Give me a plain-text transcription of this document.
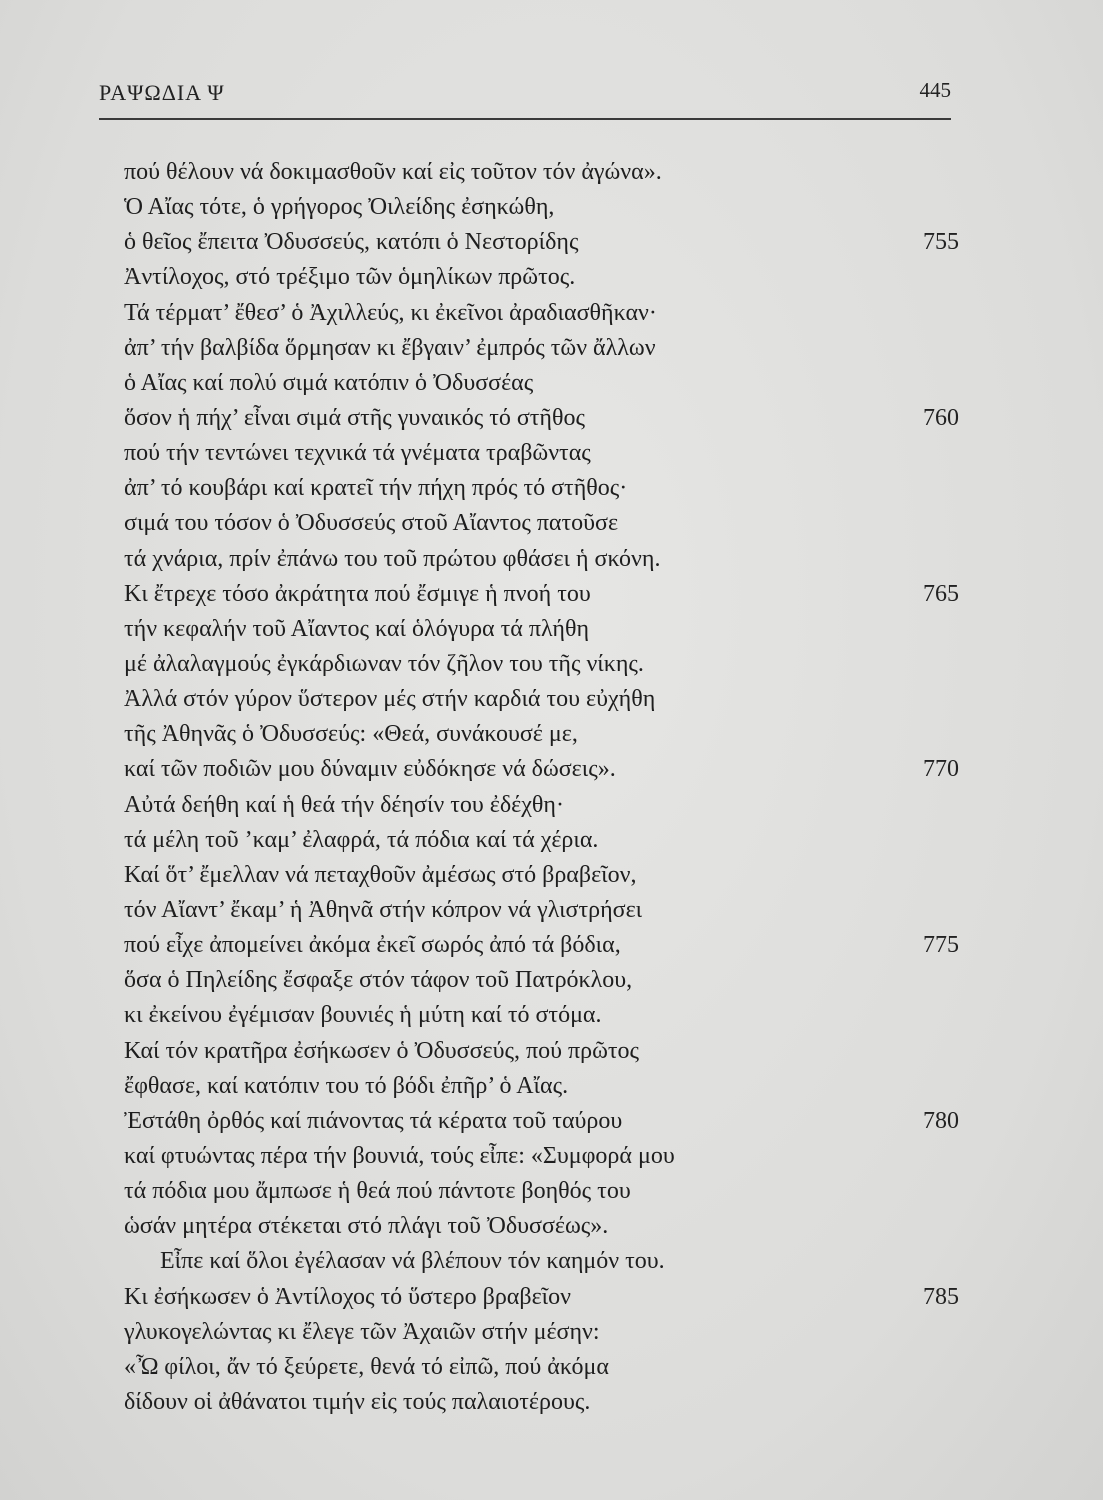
ΡΑΨΩΔΙΑ Ψ	445
πού θέλουν νά δοκιμασθοῦν καί εἰς τοῦτον τόν ἀγώνα».
Ὁ Αἴας τότε, ὁ γρήγορος Ὀιλείδης ἐσηκώθη,
ὁ θεῖος ἔπειτα Ὀδυσσεύς, κατόπι ὁ Νεστορίδης	755
Ἀντίλοχος, στό τρέξιμο τῶν ὁμηλίκων πρῶτος.
Τά τέρματ’ ἔθεσ’ ὁ Ἀχιλλεύς, κι ἐκεῖνοι ἀραδιασθῆκαν·
ἀπ’ τήν βαλβίδα ὅρμησαν κι ἔβγαιν’ ἐμπρός τῶν ἄλλων
ὁ Αἴας καί πολύ σιμά κατόπιν ὁ Ὀδυσσέας
ὅσον ἡ πήχ’ εἶναι σιμά στῆς γυναικός τό στῆθος	760
πού τήν τεντώνει τεχνικά τά γνέματα τραβῶντας
ἀπ’ τό κουβάρι καί κρατεῖ τήν πήχη πρός τό στῆθος·
σιμά του τόσον ὁ Ὀδυσσεύς στοῦ Αἴαντος πατοῦσε
τά χνάρια, πρίν ἐπάνω του τοῦ πρώτου φθάσει ἡ σκόνη.
Κι ἔτρεχε τόσο ἀκράτητα πού ἔσμιγε ἡ πνοή του	765
τήν κεφαλήν τοῦ Αἴαντος καί ὁλόγυρα τά πλήθη
μέ ἀλαλαγμούς ἐγκάρδιωναν τόν ζῆλον του τῆς νίκης.
Ἀλλά στόν γύρον ὕστερον μές στήν καρδιά του εὐχήθη
τῆς Ἀθηνᾶς ὁ Ὀδυσσεύς: «Θεά, συνάκουσέ με,
καί τῶν ποδιῶν μου δύναμιν εὐδόκησε νά δώσεις».	770
Αὐτά δεήθη καί ἡ θεά τήν δέησίν του ἐδέχθη·
τά μέλη τοῦ ’καμ’ ἐλαφρά, τά πόδια καί τά χέρια.
Καί ὅτ’ ἔμελλαν νά πεταχθοῦν ἀμέσως στό βραβεῖον,
τόν Αἴαντ’ ἔκαμ’ ἡ Ἀθηνᾶ στήν κόπρον νά γλιστρήσει
πού εἶχε ἀπομείνει ἀκόμα ἐκεῖ σωρός ἀπό τά βόδια,	775
ὅσα ὁ Πηλείδης ἔσφαξε στόν τάφον τοῦ Πατρόκλου,
κι ἐκείνου ἐγέμισαν βουνιές ἡ μύτη καί τό στόμα.
Καί τόν κρατῆρα ἐσήκωσεν ὁ Ὀδυσσεύς, πού πρῶτος
ἔφθασε, καί κατόπιν του τό βόδι ἐπῆρ’ ὁ Αἴας.
Ἐστάθη ὀρθός καί πιάνοντας τά κέρατα τοῦ ταύρου	780
καί φτυώντας πέρα τήν βουνιά, τούς εἶπε: «Συμφορά μου
τά πόδια μου ἄμπωσε ἡ θεά πού πάντοτε βοηθός του
ὡσάν μητέρα στέκεται στό πλάγι τοῦ Ὀδυσσέως».
Εἶπε καί ὅλοι ἐγέλασαν νά βλέπουν τόν καημόν του.
Κι ἐσήκωσεν ὁ Ἀντίλοχος τό ὕστερο βραβεῖον	785
γλυκογελώντας κι ἔλεγε τῶν Ἀχαιῶν στήν μέσην:
«Ὦ φίλοι, ἄν τό ξεύρετε, θενά τό εἰπῶ, πού ἀκόμα
δίδουν οἱ ἀθάνατοι τιμήν εἰς τούς παλαιοτέρους.
